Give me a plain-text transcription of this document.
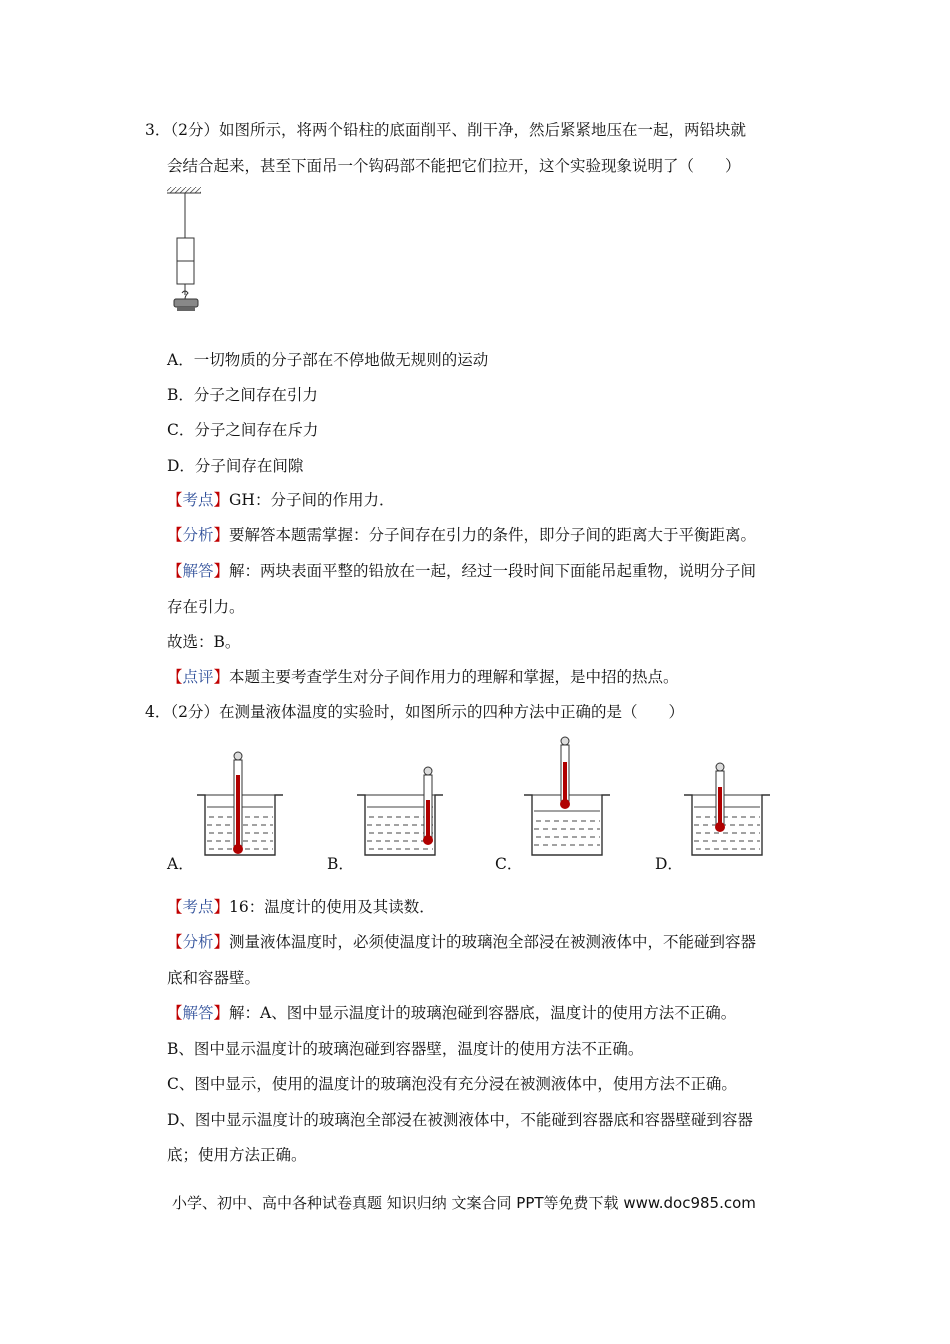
3．（2分）如图所示，将两个铅柱的底面削平、削干净，然后紧紧地压在一起，两铅块就
会结合起来，甚至下面吊一个钩码部不能把它们拉开，这个实验现象说明了（　　）
A．一切物质的分子部在不停地做无规则的运动
B．分子之间存在引力
C．分子之间存在斥力
D．分子间存在间隙
【考点】GH：分子间的作用力．
【分析】要解答本题需掌握：分子间存在引力的条件，即分子间的距离大于平衡距离。
【解答】解：两块表面平整的铅放在一起，经过一段时间下面能吊起重物，说明分子间
存在引力。
故选：B。
【点评】本题主要考查学生对分子间作用力的理解和掌握，是中招的热点。
4．（2分）在测量液体温度的实验时，如图所示的四种方法中正确的是（　　）
A．	B．	C．	D．
【考点】16：温度计的使用及其读数．
【分析】测量液体温度时，必须使温度计的玻璃泡全部浸在被测液体中，不能碰到容器
底和容器壁。
【解答】解：A、图中显示温度计的玻璃泡碰到容器底，温度计的使用方法不正确。
B、图中显示温度计的玻璃泡碰到容器壁，温度计的使用方法不正确。
C、图中显示，使用的温度计的玻璃泡没有充分浸在被测液体中，使用方法不正确。
D、图中显示温度计的玻璃泡全部浸在被测液体中，不能碰到容器底和容器壁碰到容器
底；使用方法正确。
小学、初中、高中各种试卷真题 知识归纳 文案合同 PPT等免费下载 www.doc985.com
